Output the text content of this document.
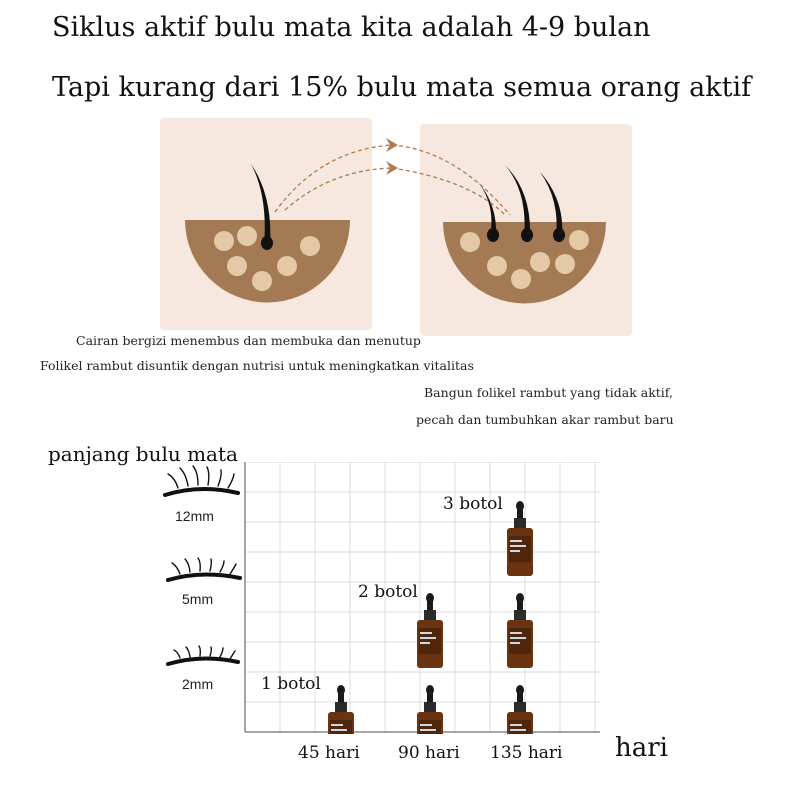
Siklus aktif bulu mata kita adalah 4-9 bulan
Tapi kurang dari 15% bulu mata semua orang aktif
Cairan bergizi menembus dan membuka dan menutup
Folikel rambut disuntik dengan nutrisi untuk meningkatkan vitalitas
Bangun folikel rambut yang tidak aktif,
pecah dan tumbuhkan akar rambut baru
panjang bulu mata
12mm
5mm
2mm	1 botol
2 botol
3 botol
45 hari 90 hari 135 hari hari
